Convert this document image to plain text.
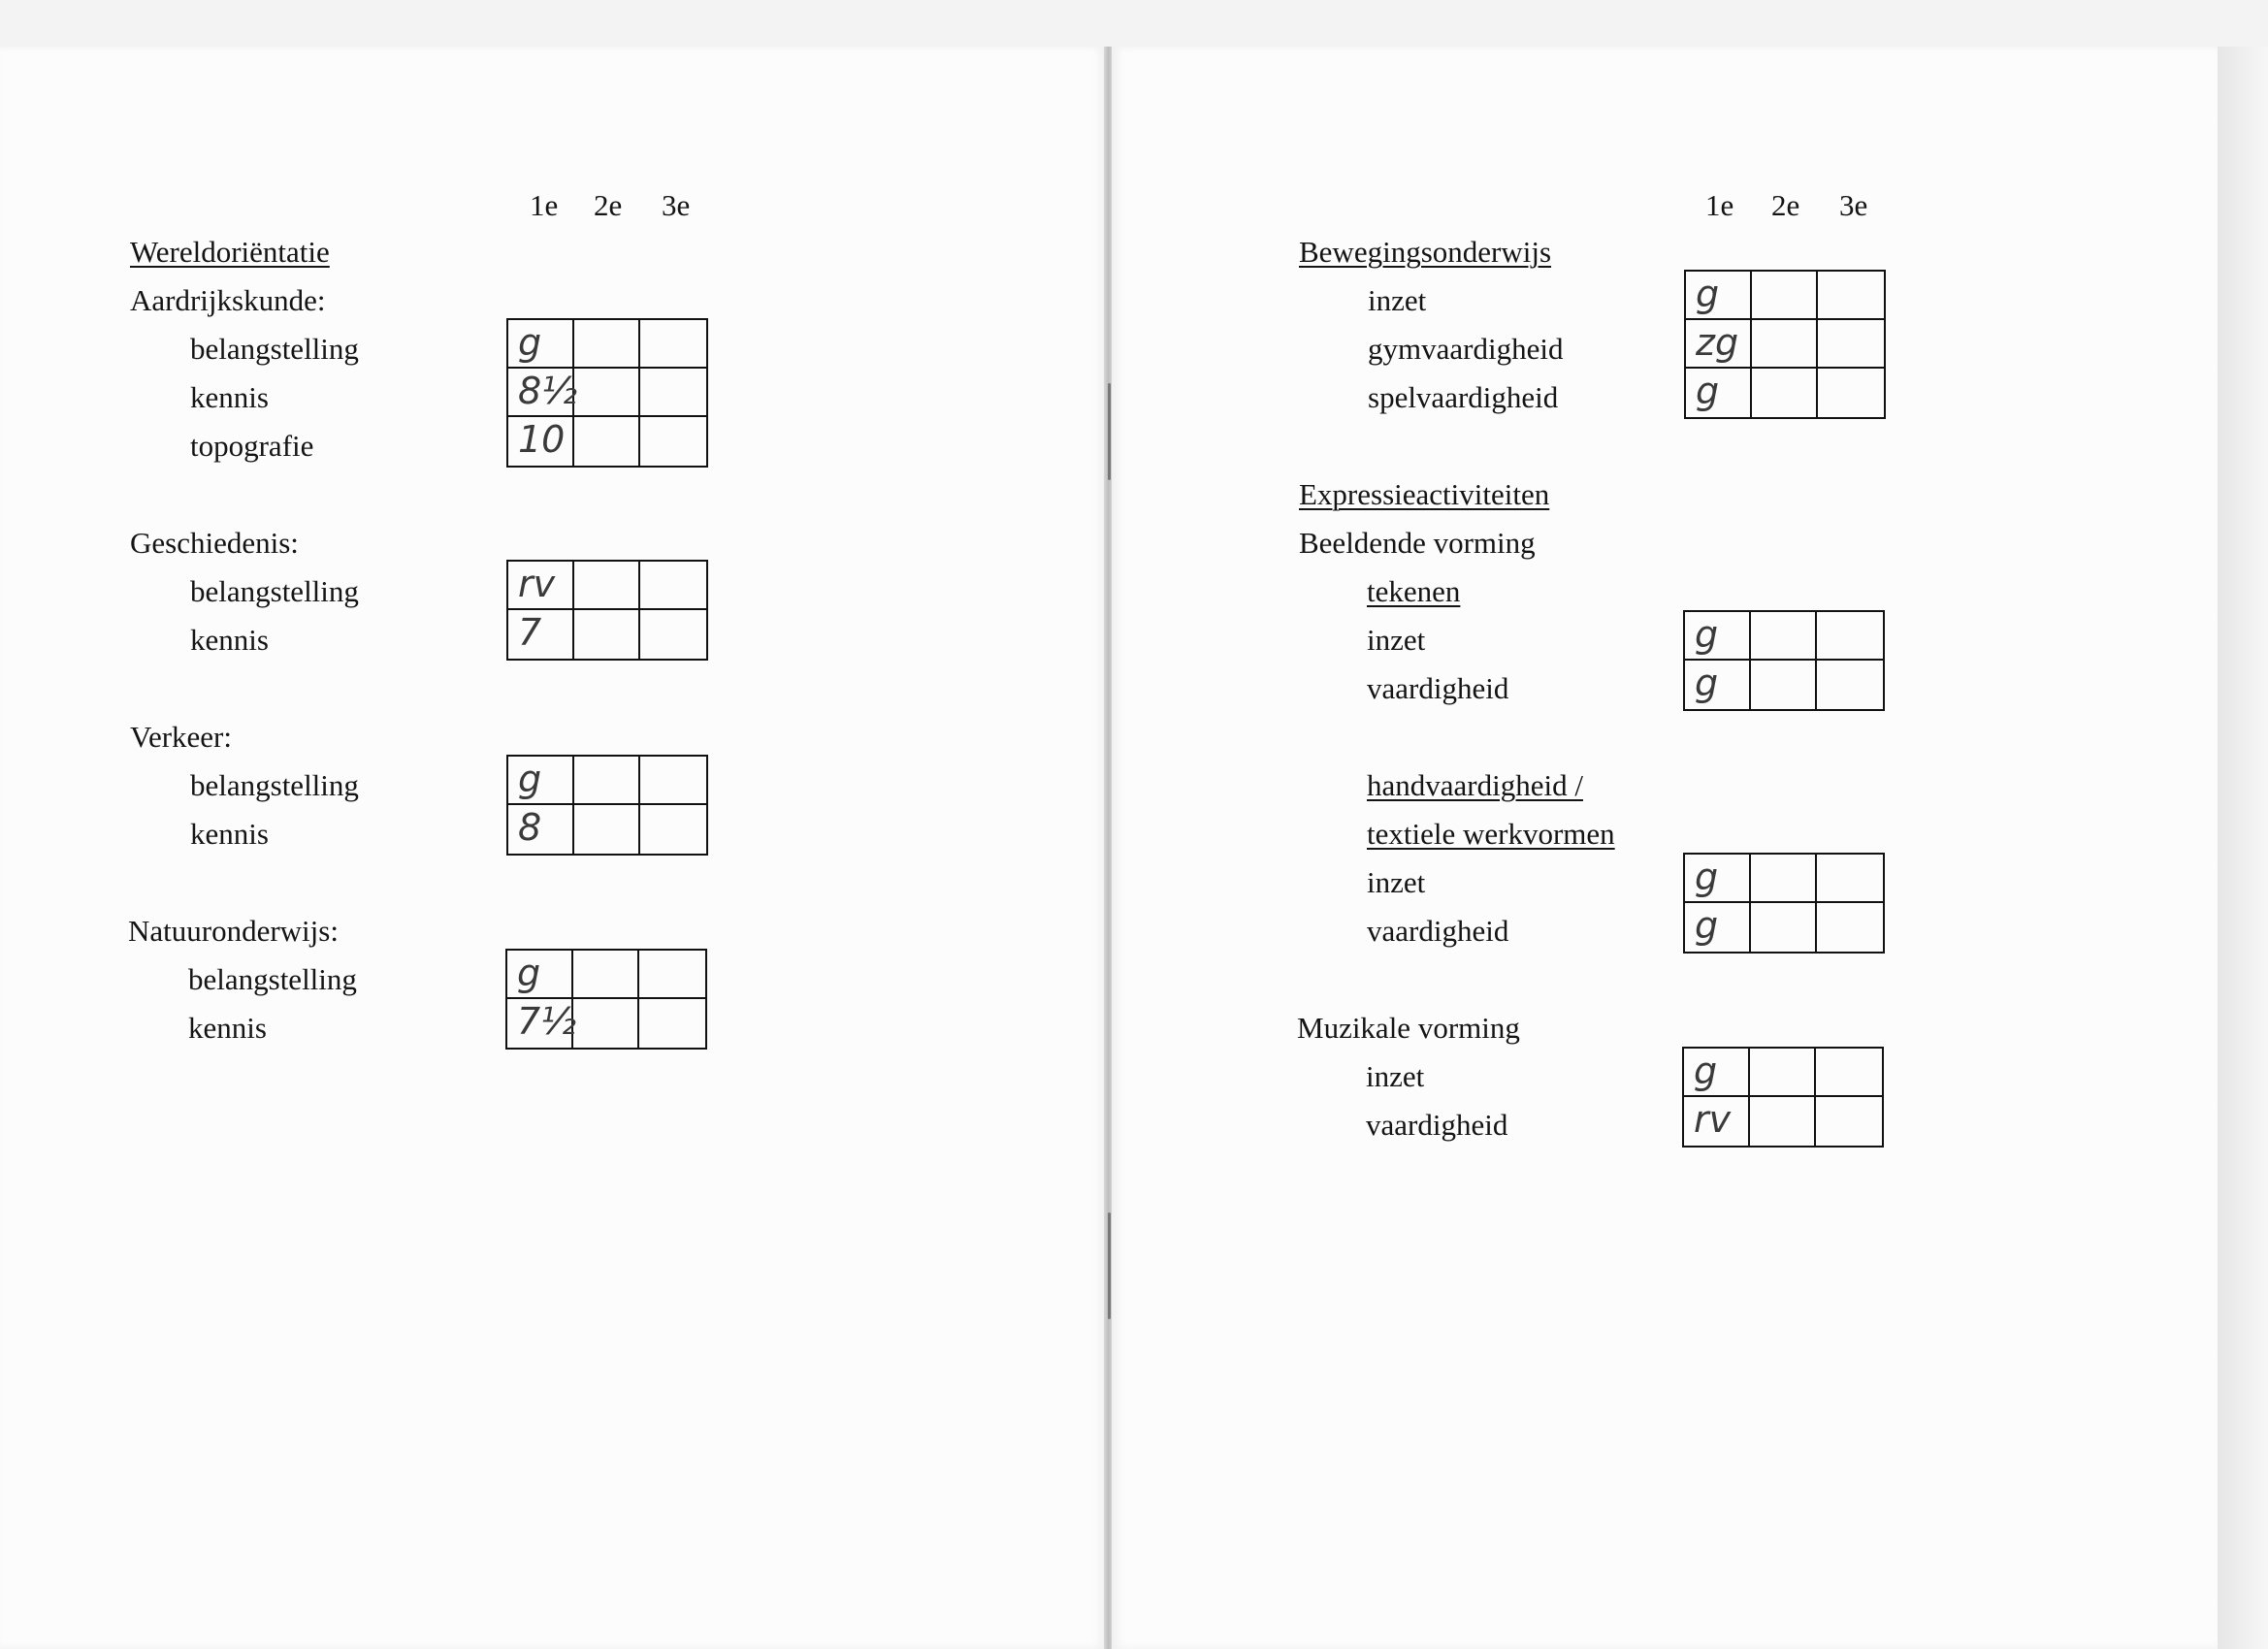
1e 2e 3e
Wereldoriëntatie
Aardrijkskunde:
belangstelling
kennis
topografie
g
8½
10
Geschiedenis:
belangstelling
kennis
rv
7
Verkeer:
belangstelling
kennis
g
8
Natuuronderwijs:
belangstelling
kennis
g
7½
1e 2e 3e
Bewegingsonderwijs
inzet
gymvaardigheid
spelvaardigheid
g
zg
g
Expressieactiviteiten
Beeldende vorming
tekenen
inzet
vaardigheid
g
g
handvaardigheid /
textiele werkvormen
inzet
vaardigheid
g
g
Muzikale vorming
inzet
vaardigheid
g
rv
